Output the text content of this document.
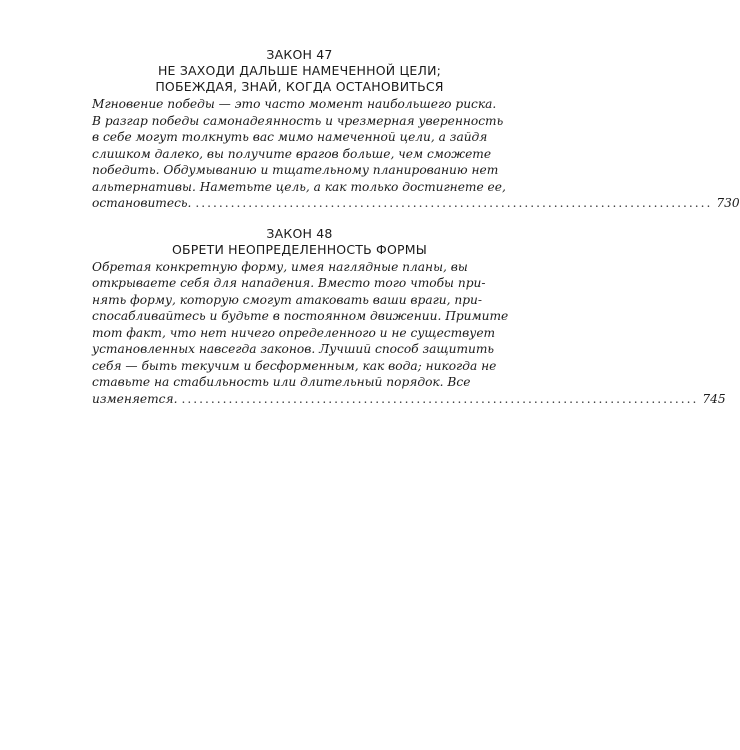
ЗАКОН 47
НЕ ЗАХОДИ ДАЛЬШЕ НАМЕЧЕННОЙ ЦЕЛИ;
ПОБЕЖДАЯ, ЗНАЙ, КОГДА ОСТАНОВИТЬСЯ
Мгновение победы — это часто момент наибольшего риска.
В разгар победы самонадеянность и чрезмерная уверенность
в себе могут толкнуть вас мимо намеченной цели, а зайдя
слишком далеко, вы получите врагов больше, чем сможете
победить. Обдумыванию и тщательному планированию нет
альтернативы. Наметьте цель, а как только достигнете ее,
остановитесь. ........................................................................................ 730
ЗАКОН 48
ОБРЕТИ НЕОПРЕДЕЛЕННОСТЬ ФОРМЫ
Обретая конкретную форму, имея наглядные планы, вы
открываете себя для нападения. Вместо того чтобы при-
нять форму, которую смогут атаковать ваши враги, при-
спосабливайтесь и будьте в постоянном движении. Примите
тот факт, что нет ничего определенного и не существует
установленных навсегда законов. Лучший способ защитить
себя — быть текучим и бесформенным, как вода; никогда не
ставьте на стабильность или длительный порядок. Все
изменяется. ........................................................................................ 745
